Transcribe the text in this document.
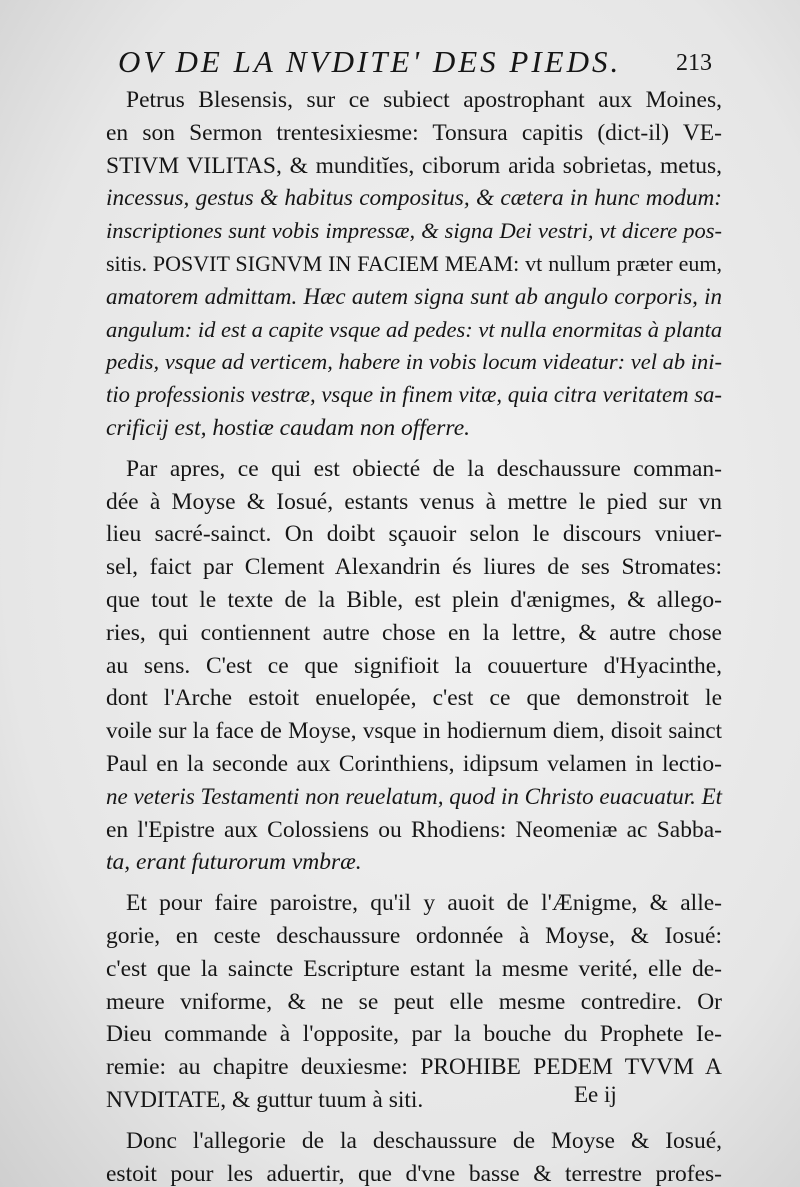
OV DE LA NVDITE' DES PIEDS. 213

Petrus Blesensis, sur ce subiect apostrophant aux Moines,
en son Sermon trentesixiesme: Tonsura capitis (dict-il) VE-
STIVM VILITAS, & munditĭes, ciborum arida sobrietas, metus,
incessus, gestus & habitus compositus, & cætera in hunc modum:
inscriptiones sunt vobis impressæ, & signa Dei vestri, vt dicere pos-
sitis. POSVIT SIGNVM IN FACIEM MEAM: vt nullum præter eum,
amatorem admittam. Hæc autem signa sunt ab angulo corporis, in
angulum: id est a capite vsque ad pedes: vt nulla enormitas à planta
pedis, vsque ad verticem, habere in vobis locum videatur: vel ab ini-
tio professionis vestræ, vsque in finem vitæ, quia citra veritatem sa-
crificij est, hostiæ caudam non offerre.

Par apres, ce qui est obiecté de la deschaussure comman-
dée à Moyse & Iosué, estants venus à mettre le pied sur vn
lieu sacré-sainct. On doibt sçauoir selon le discours vniuer-
sel, faict par Clement Alexandrin és liures de ses Stromates:
que tout le texte de la Bible, est plein d'ænigmes, & allego-
ries, qui contiennent autre chose en la lettre, & autre chose
au sens. C'est ce que signifioit la couuerture d'Hyacinthe,
dont l'Arche estoit enuelopée, c'est ce que demonstroit le
voile sur la face de Moyse, vsque in hodiernum diem, disoit sainct
Paul en la seconde aux Corinthiens, idipsum velamen in lectio-
ne veteris Testamenti non reuelatum, quod in Christo euacuatur. Et
en l'Epistre aux Colossiens ou Rhodiens: Neomeniæ ac Sabba-
ta, erant futurorum vmbræ.

Et pour faire paroistre, qu'il y auoit de l'Ænigme, & alle-
gorie, en ceste deschaussure ordonnée à Moyse, & Iosué:
c'est que la saincte Escripture estant la mesme verité, elle de-
meure vniforme, & ne se peut elle mesme contredire. Or
Dieu commande à l'opposite, par la bouche du Prophete Ie-
remie: au chapitre deuxiesme: PROHIBE PEDEM TVVM A
NVDITATE, & guttur tuum à siti.

Donc l'allegorie de la deschaussure de Moyse & Iosué,
estoit pour les aduertir, que d'vne basse & terrestre profes-

Ee ij
